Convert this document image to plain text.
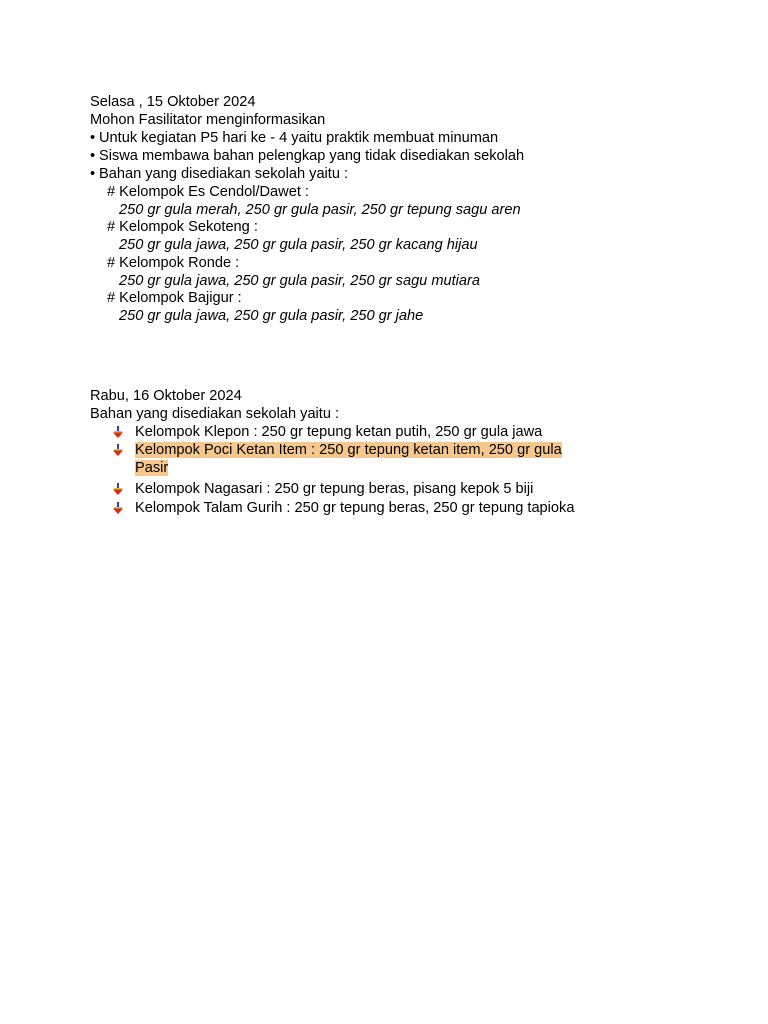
Selasa , 15 Oktober 2024
Mohon Fasilitator menginformasikan
• Untuk kegiatan P5 hari ke - 4 yaitu praktik membuat minuman
• Siswa membawa bahan pelengkap yang tidak disediakan sekolah
• Bahan yang disediakan sekolah yaitu :
# Kelompok Es Cendol/Dawet :
250 gr gula merah, 250 gr gula pasir, 250 gr tepung sagu aren
# Kelompok Sekoteng :
250 gr gula jawa, 250 gr gula pasir, 250 gr kacang hijau
# Kelompok Ronde :
250 gr gula jawa, 250 gr gula pasir, 250 gr sagu mutiara
# Kelompok Bajigur :
250 gr gula jawa, 250 gr gula pasir, 250 gr jahe
Rabu, 16 Oktober 2024
Bahan yang disediakan sekolah yaitu :
Kelompok Klepon : 250 gr tepung ketan putih, 250 gr gula jawa
Kelompok Poci Ketan Item : 250 gr tepung ketan item, 250 gr gula
Pasir
Kelompok Nagasari : 250 gr tepung beras, pisang kepok 5 biji
Kelompok Talam Gurih : 250 gr tepung beras, 250 gr tepung tapioka
